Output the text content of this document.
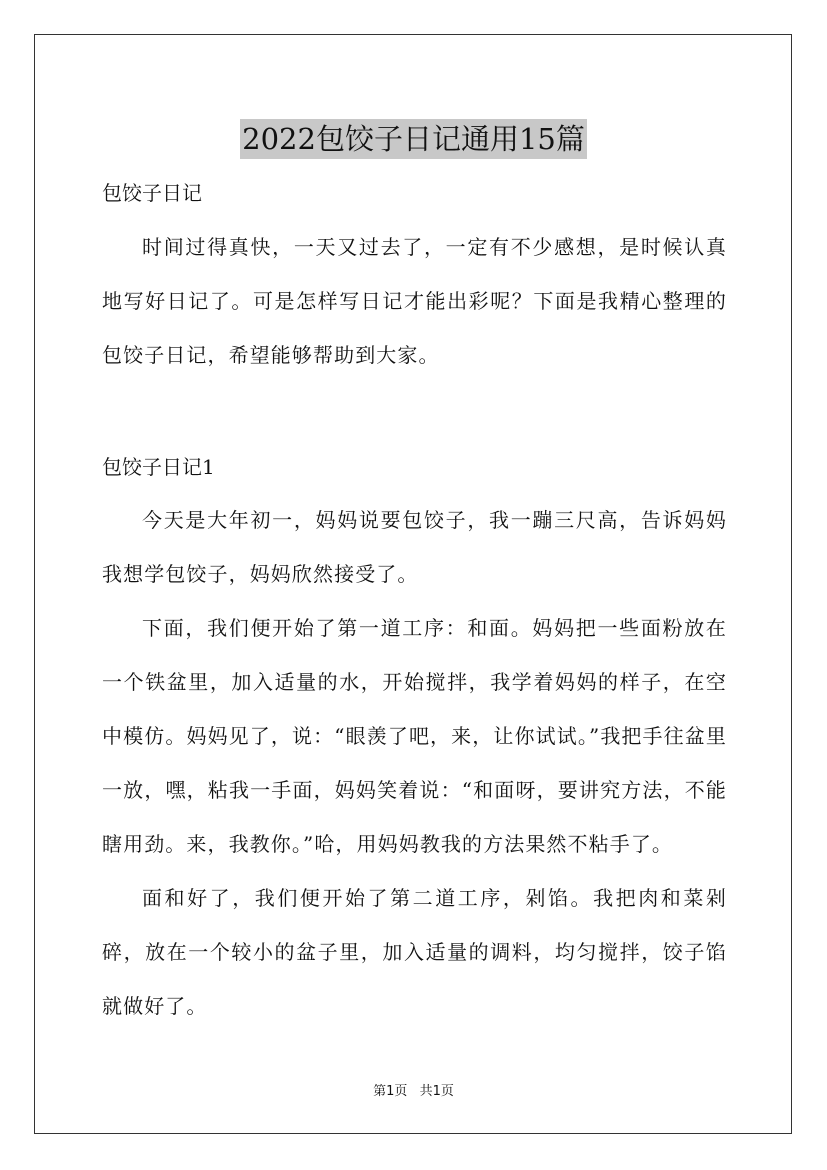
2022包饺子日记通用15篇

包饺子日记

时间过得真快，一天又过去了，一定有不少感想，是时候认真地写好日记了。可是怎样写日记才能出彩呢？下面是我精心整理的包饺子日记，希望能够帮助到大家。

包饺子日记1

今天是大年初一，妈妈说要包饺子，我一蹦三尺高，告诉妈妈我想学包饺子，妈妈欣然接受了。

下面，我们便开始了第一道工序：和面。妈妈把一些面粉放在一个铁盆里，加入适量的水，开始搅拌，我学着妈妈的样子，在空中模仿。妈妈见了，说：“眼羡了吧，来，让你试试。”我把手往盆里一放，嘿，粘我一手面，妈妈笑着说：“和面呀，要讲究方法，不能瞎用劲。来，我教你。”哈，用妈妈教我的方法果然不粘手了。

面和好了，我们便开始了第二道工序，剁馅。我把肉和菜剁碎，放在一个较小的盆子里，加入适量的调料，均匀搅拌，饺子馅就做好了。

第1页 共1页
